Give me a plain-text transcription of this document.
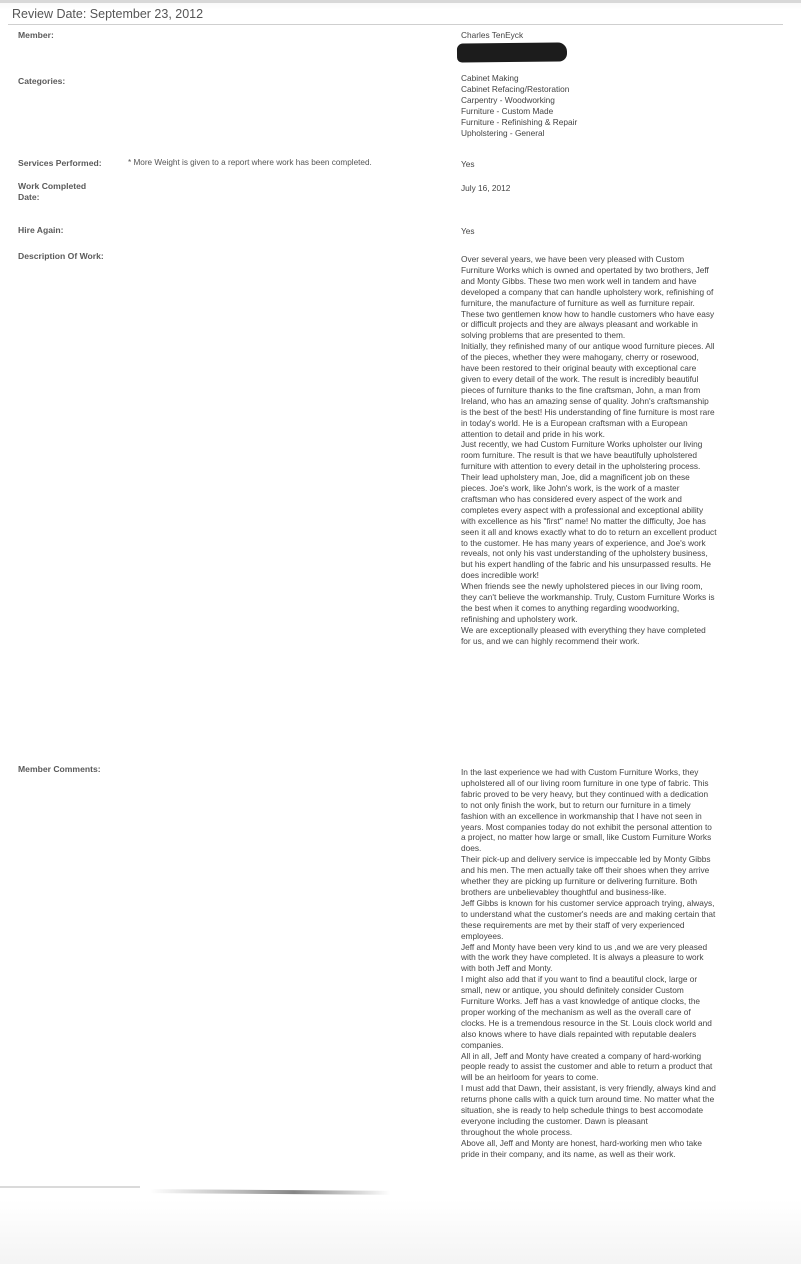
Review Date: September 23, 2012
Member:	Charles TenEyck
Categories:	Cabinet Making
Cabinet Refacing/Restoration
Carpentry - Woodworking
Furniture - Custom Made
Furniture - Refinishing & Repair
Upholstering - General
Services Performed:	* More Weight is given to a report where work has been completed.	Yes
Work Completed
Date:
July 16, 2012
Hire Again:	Yes
Description Of Work:	Over several years, we have been very pleased with Custom
Furniture Works which is owned and opertated by two brothers, Jeff
and Monty Gibbs. These two men work well in tandem and have
developed a company that can handle upholstery work, refinishing of
furniture, the manufacture of furniture as well as furniture repair.
These two gentlemen know how to handle customers who have easy
or difficult projects and they are always pleasant and workable in
solving problems that are presented to them.
Initially, they refinished many of our antique wood furniture pieces. All
of the pieces, whether they were mahogany, cherry or rosewood,
have been restored to their original beauty with exceptional care
given to every detail of the work. The result is incredibly beautiful
pieces of furniture thanks to the fine craftsman, John, a man from
Ireland, who has an amazing sense of quality. John's craftsmanship
is the best of the best! His understanding of fine furniture is most rare
in today's world. He is a European craftsman with a European
attention to detail and pride in his work.
Just recently, we had Custom Furniture Works upholster our living
room furniture. The result is that we have beautifully upholstered
furniture with attention to every detail in the upholstering process.
Their lead upholstery man, Joe, did a magnificent job on these
pieces. Joe's work, like John's work, is the work of a master
craftsman who has considered every aspect of the work and
completes every aspect with a professional and exceptional ability
with excellence as his "first" name! No matter the difficulty, Joe has
seen it all and knows exactly what to do to return an excellent product
to the customer. He has many years of experience, and Joe's work
reveals, not only his vast understanding of the upholstery business,
but his expert handling of the fabric and his unsurpassed results. He
does incredible work!
When friends see the newly upholstered pieces in our living room,
they can't believe the workmanship. Truly, Custom Furniture Works is
the best when it comes to anything regarding woodworking,
refinishing and upholstery work.
We are exceptionally pleased with everything they have completed
for us, and we can highly recommend their work.
Member Comments:	In the last experience we had with Custom Furniture Works, they
upholstered all of our living room furniture in one type of fabric. This
fabric proved to be very heavy, but they continued with a dedication
to not only finish the work, but to return our furniture in a timely
fashion with an excellence in workmanship that I have not seen in
years. Most companies today do not exhibit the personal attention to
a project, no matter how large or small, like Custom Furniture Works
does.
Their pick-up and delivery service is impeccable led by Monty Gibbs
and his men. The men actually take off their shoes when they arrive
whether they are picking up furniture or delivering furniture. Both
brothers are unbelievabley thoughtful and business-like.
Jeff Gibbs is known for his customer service approach trying, always,
to understand what the customer's needs are and making certain that
these requirements are met by their staff of very experienced
employees.
Jeff and Monty have been very kind to us ,and we are very pleased
with the work they have completed. It is always a pleasure to work
with both Jeff and Monty.
I might also add that if you want to find a beautiful clock, large or
small, new or antique, you should definitely consider Custom
Furniture Works. Jeff has a vast knowledge of antique clocks, the
proper working of the mechanism as well as the overall care of
clocks. He is a tremendous resource in the St. Louis clock world and
also knows where to have dials repainted with reputable dealers
companies.
All in all, Jeff and Monty have created a company of hard-working
people ready to assist the customer and able to return a product that
will be an heirloom for years to come.
I must add that Dawn, their assistant, is very friendly, always kind and
returns phone calls with a quick turn around time. No matter what the
situation, she is ready to help schedule things to best accomodate
everyone including the customer. Dawn is pleasant
throughout the whole process.
Above all, Jeff and Monty are honest, hard-working men who take
pride in their company, and its name, as well as their work.
